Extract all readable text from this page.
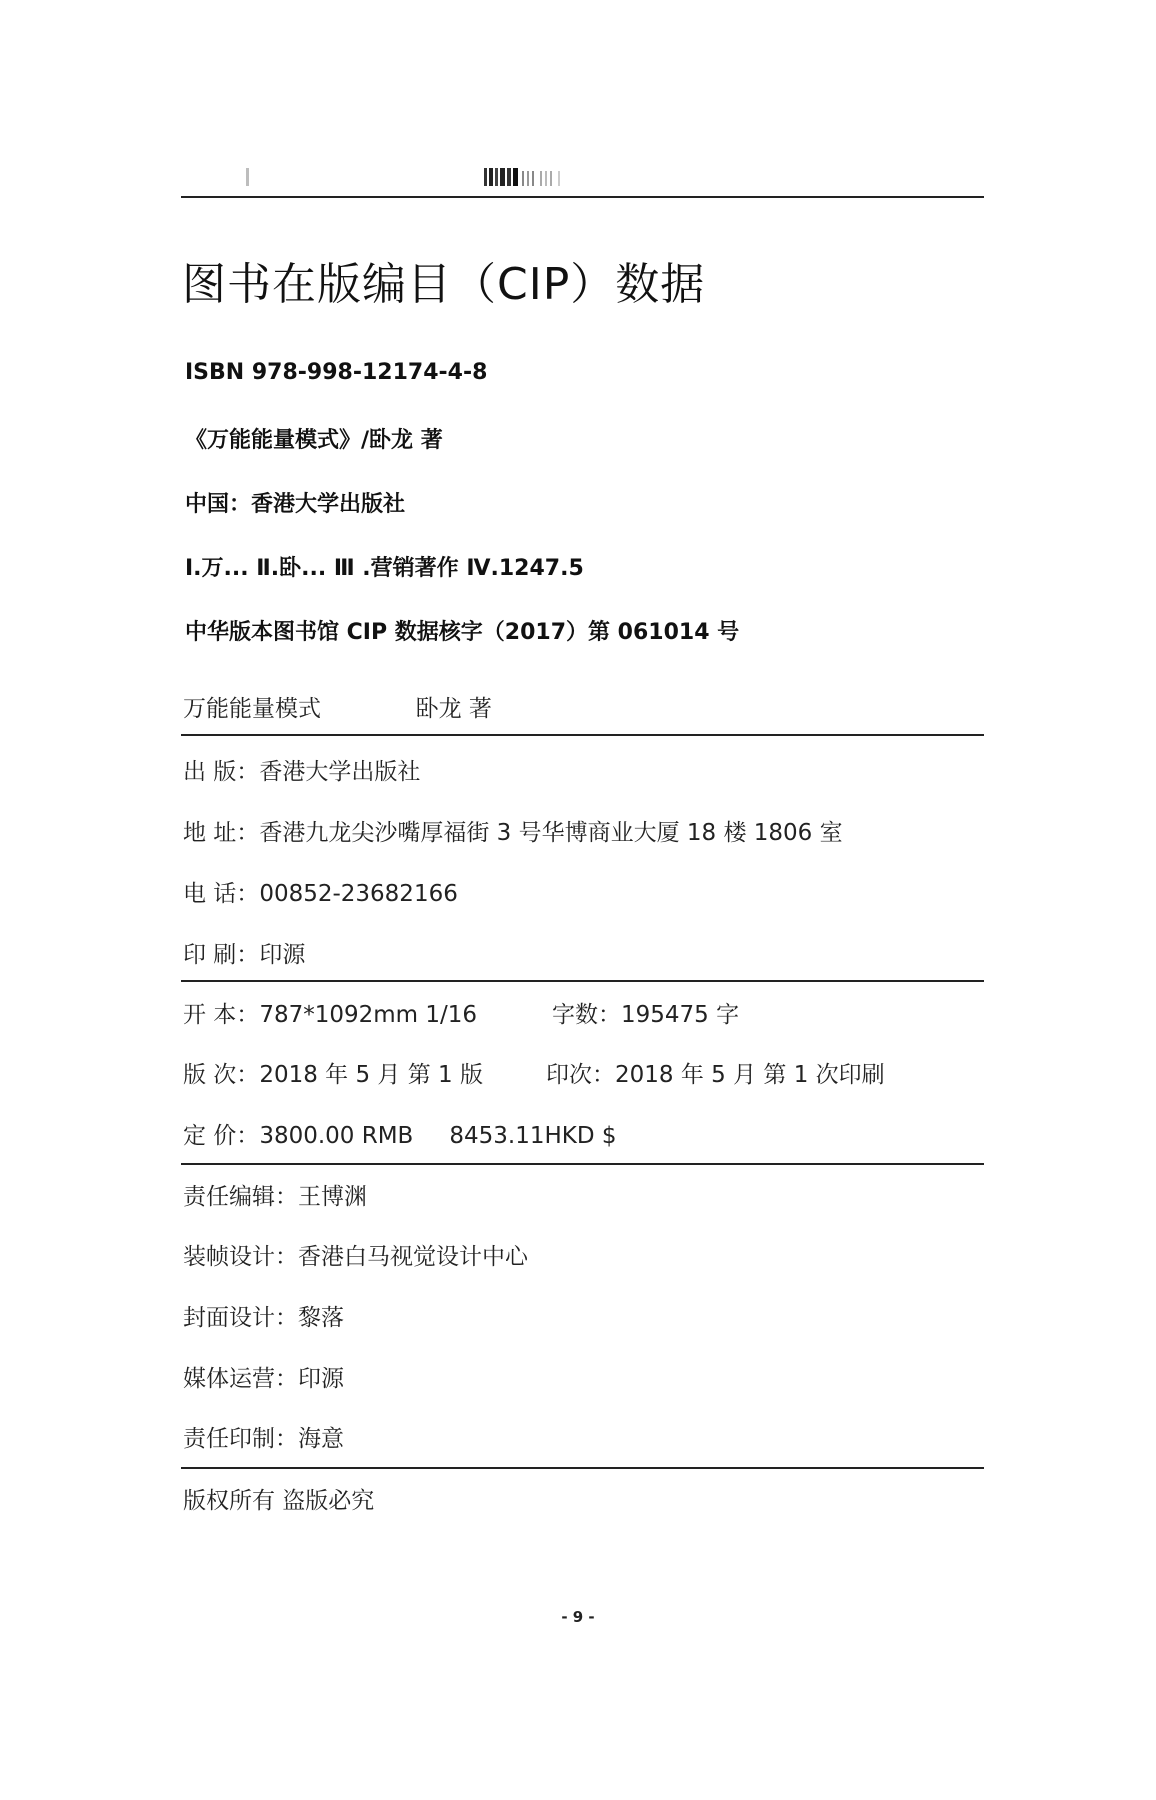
图书在版编目（CIP）数据
ISBN 978-998-12174-4-8
《万能能量模式》/卧龙 著
中国：香港大学出版社
Ⅰ.万... Ⅱ.卧... Ⅲ .营销著作 Ⅳ.1247.5
中华版本图书馆 CIP 数据核字（2017）第 061014 号
万能能量模式	卧龙 著
出 版：香港大学出版社
地 址：香港九龙尖沙嘴厚福街 3 号华博商业大厦 18 楼 1806 室
电 话：00852-23682166
印 刷：印源
开 本：787*1092mm 1/16	字数：195475 字
版 次：2018 年 5 月 第 1 版	印次：2018 年 5 月 第 1 次印刷
定 价：3800.00 RMB 8453.11HKD $
责任编辑：王博渊
装帧设计：香港白马视觉设计中心
封面设计：黎落
媒体运营：印源
责任印制：海意
版权所有 盗版必究
- 9 -
